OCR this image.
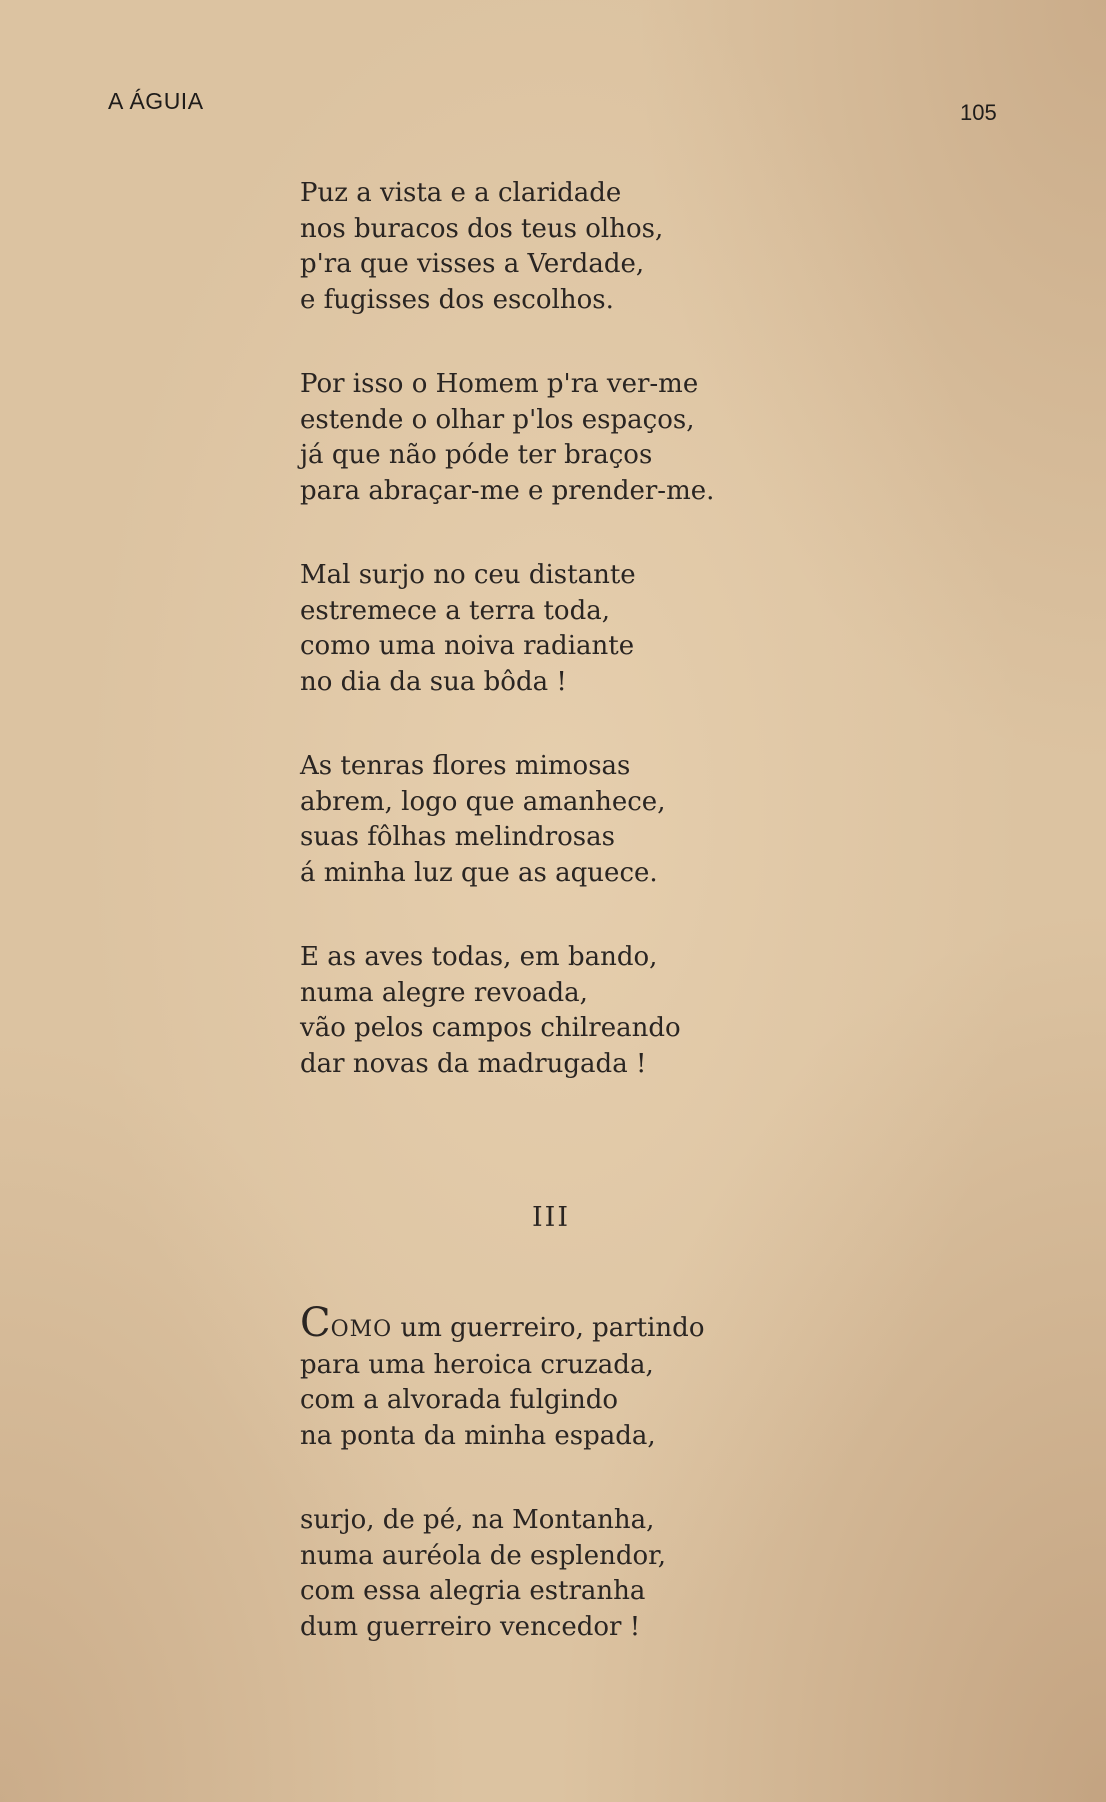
A ÁGUIA	105
Puz a vista e a claridade
nos buracos dos teus olhos,
p'ra que visses a Verdade,
e fugisses dos escolhos.
Por isso o Homem p'ra ver-me
estende o olhar p'los espaços,
já que não póde ter braços
para abraçar-me e prender-me.
Mal surjo no ceu distante
estremece a terra toda,
como uma noiva radiante
no dia da sua bôda !
As tenras flores mimosas
abrem, logo que amanhece,
suas fôlhas melindrosas
á minha luz que as aquece.
E as aves todas, em bando,
numa alegre revoada,
vão pelos campos chilreando
dar novas da madrugada !
III
COMO um guerreiro, partindo
para uma heroica cruzada,
com a alvorada fulgindo
na ponta da minha espada,
surjo, de pé, na Montanha,
numa auréola de esplendor,
com essa alegria estranha
dum guerreiro vencedor !
